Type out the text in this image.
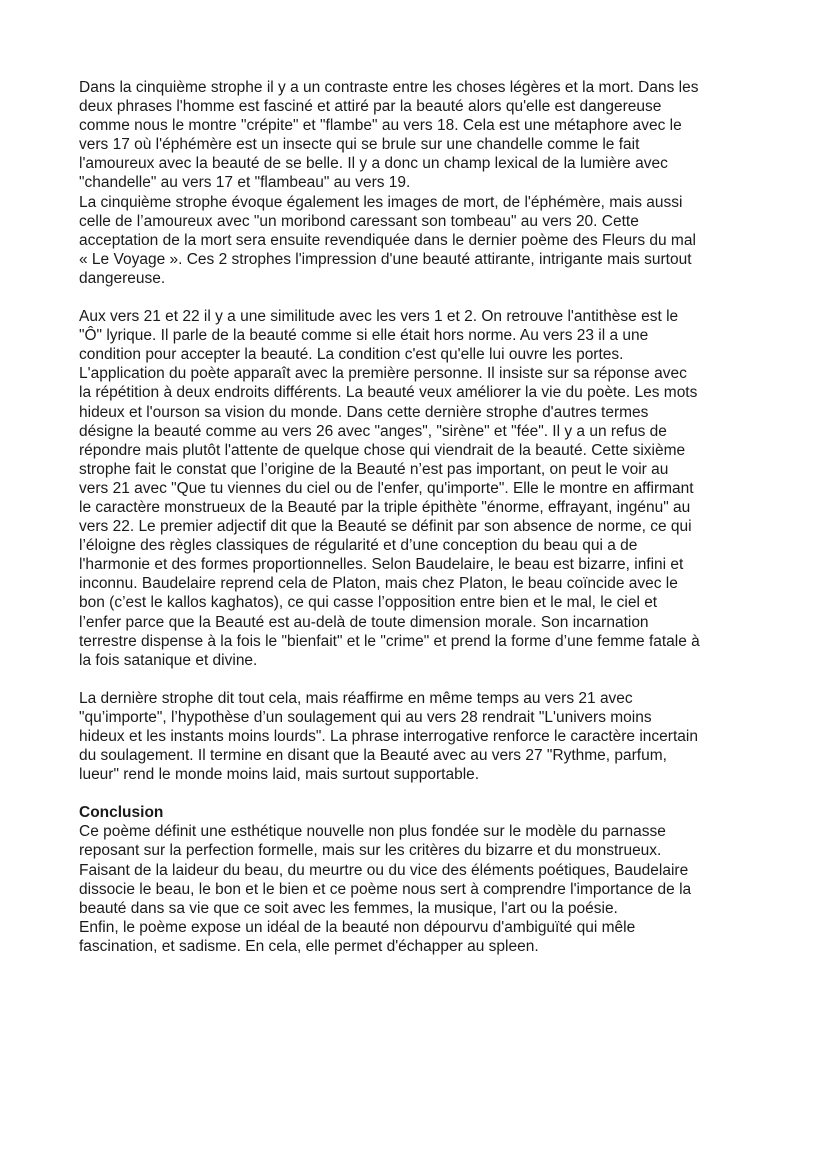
Dans la cinquième strophe il y a un contraste entre les choses légères et la mort. Dans les
deux phrases l'homme est fasciné et attiré par la beauté alors qu'elle est dangereuse
comme nous le montre "crépite" et "flambe" au vers 18. Cela est une métaphore avec le
vers 17 où l'éphémère est un insecte qui se brule sur une chandelle comme le fait
l'amoureux avec la beauté de se belle. Il y a donc un champ lexical de la lumière avec
"chandelle" au vers 17 et "flambeau" au vers 19.
La cinquième strophe évoque également les images de mort, de l'éphémère, mais aussi
celle de l’amoureux avec "un moribond caressant son tombeau" au vers 20. Cette
acceptation de la mort sera ensuite revendiquée dans le dernier poème des Fleurs du mal
« Le Voyage ». Ces 2 strophes l'impression d'une beauté attirante, intrigante mais surtout
dangereuse.

Aux vers 21 et 22 il y a une similitude avec les vers 1 et 2. On retrouve l'antithèse est le
"Ô" lyrique. Il parle de la beauté comme si elle était hors norme. Au vers 23 il a une
condition pour accepter la beauté. La condition c'est qu'elle lui ouvre les portes.
L'application du poète apparaît avec la première personne. Il insiste sur sa réponse avec
la répétition à deux endroits différents. La beauté veux améliorer la vie du poète. Les mots
hideux et l'ourson sa vision du monde. Dans cette dernière strophe d'autres termes
désigne la beauté comme au vers 26 avec "anges", "sirène" et "fée". Il y a un refus de
répondre mais plutôt l'attente de quelque chose qui viendrait de la beauté. Cette sixième
strophe fait le constat que l’origine de la Beauté n’est pas important, on peut le voir au
vers 21 avec "Que tu viennes du ciel ou de l'enfer, qu'importe". Elle le montre en affirmant
le caractère monstrueux de la Beauté par la triple épithète "énorme, effrayant, ingénu" au
vers 22. Le premier adjectif dit que la Beauté se définit par son absence de norme, ce qui
l’éloigne des règles classiques de régularité et d’une conception du beau qui a de
l'harmonie et des formes proportionnelles. Selon Baudelaire, le beau est bizarre, infini et
inconnu. Baudelaire reprend cela de Platon, mais chez Platon, le beau coïncide avec le
bon (c’est le kallos kaghatos), ce qui casse l’opposition entre bien et le mal, le ciel et
l’enfer parce que la Beauté est au-delà de toute dimension morale. Son incarnation
terrestre dispense à la fois le "bienfait" et le "crime" et prend la forme d’une femme fatale à
la fois satanique et divine.

La dernière strophe dit tout cela, mais réaffirme en même temps au vers 21 avec
"qu’importe", l’hypothèse d’un soulagement qui au vers 28 rendrait "L'univers moins
hideux et les instants moins lourds". La phrase interrogative renforce le caractère incertain
du soulagement. Il termine en disant que la Beauté avec au vers 27 "Rythme, parfum,
lueur" rend le monde moins laid, mais surtout supportable.

Conclusion

Ce poème définit une esthétique nouvelle non plus fondée sur le modèle du parnasse
reposant sur la perfection formelle, mais sur les critères du bizarre et du monstrueux.
Faisant de la laideur du beau, du meurtre ou du vice des éléments poétiques, Baudelaire
dissocie le beau, le bon et le bien et ce poème nous sert à comprendre l'importance de la
beauté dans sa vie que ce soit avec les femmes, la musique, l'art ou la poésie.
Enfin, le poème expose un idéal de la beauté non dépourvu d'ambiguïté qui mêle
fascination, et sadisme. En cela, elle permet d'échapper au spleen.
